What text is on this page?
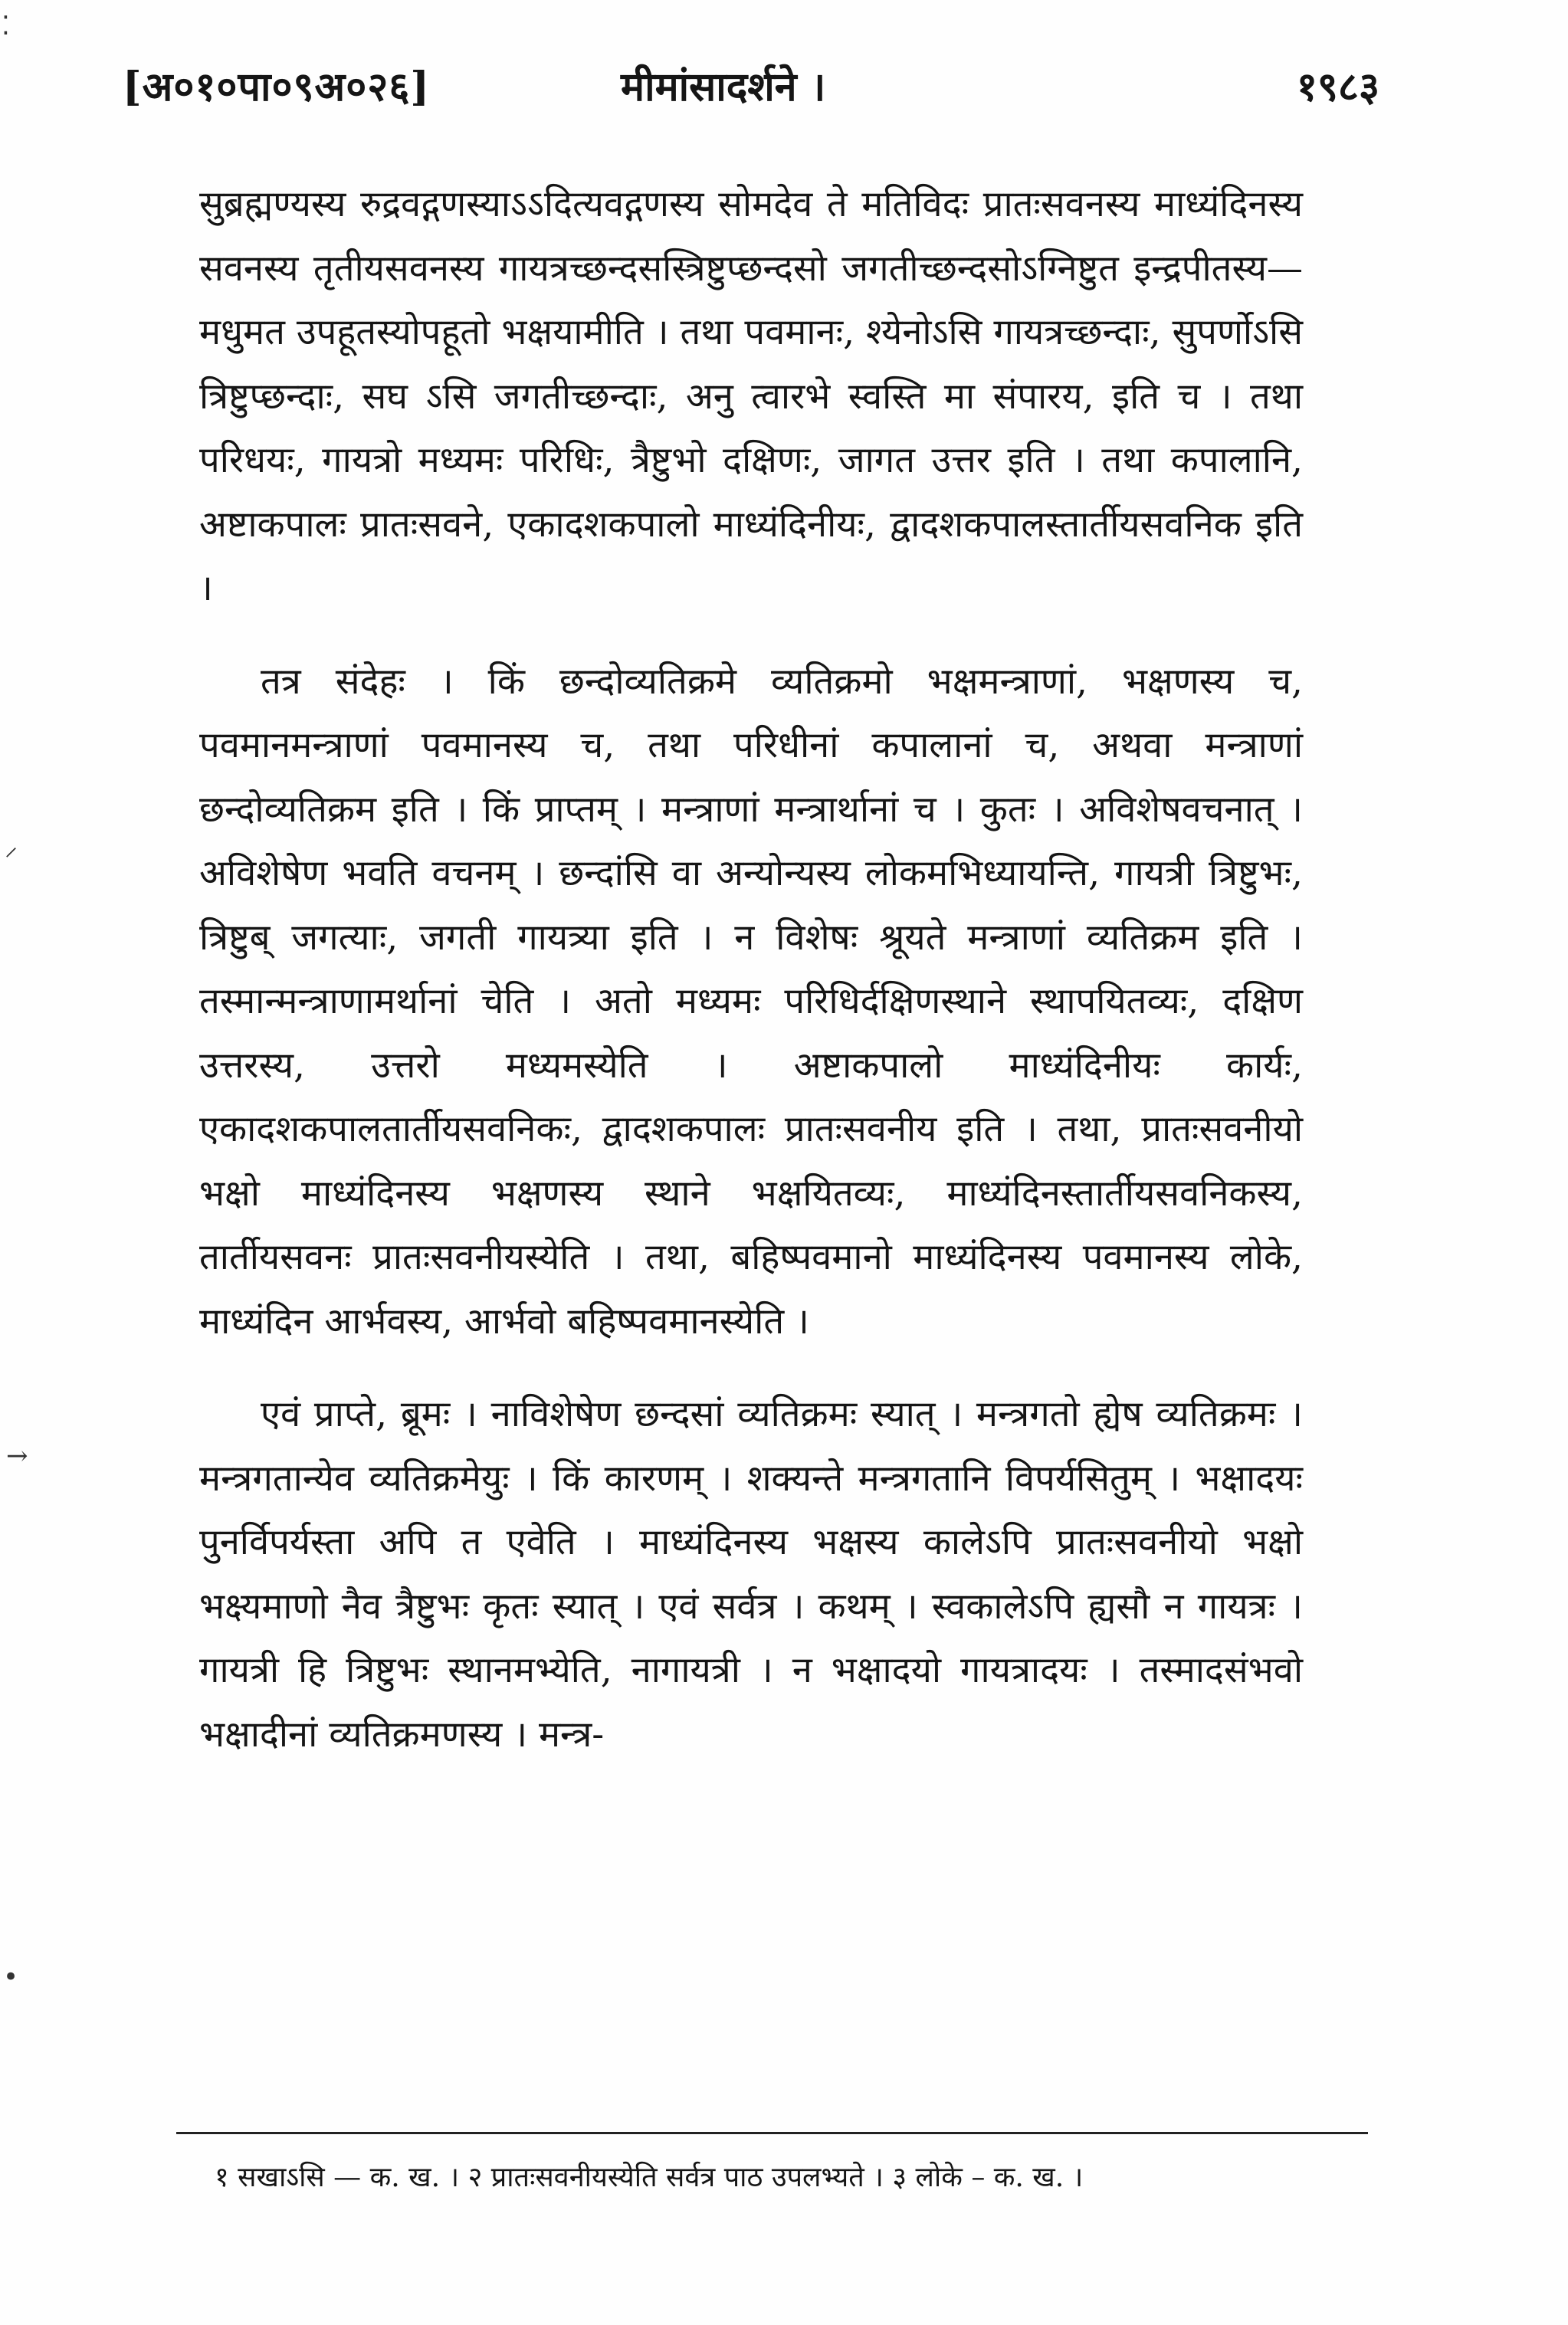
⁚
⸝
→
•
[अ०१०पा०९अ०२६]	मीमांसादर्शने ।	१९८३

सुब्रह्मण्यस्य रुद्रवद्गणस्याऽऽदित्यवद्गणस्य सोमदेव ते मतिविदः प्रातःसवनस्य माध्यंदिनस्य सवनस्य तृतीयसवनस्य गायत्रच्छन्दसस्त्रिष्टुप्छन्दसो जगतीच्छन्दसोऽग्निष्टुत इन्द्रपीतस्य—मधुमत उपहूतस्योपहूतो भक्षयामीति । तथा पवमानः, श्येनोऽसि गायत्रच्छन्दाः, सुपर्णोऽसि त्रिष्टुप्छन्दाः, सघ ऽसि जगतीच्छन्दाः, अनु त्वारभे स्वस्ति मा संपारय, इति च । तथा परिधयः, गायत्रो मध्यमः परिधिः, त्रैष्टुभो दक्षिणः, जागत उत्तर इति । तथा कपालानि, अष्टाकपालः प्रातःसवने, एकादशकपालो माध्यंदिनीयः, द्वादशकपालस्तार्तीयसवनिक इति ।

तत्र संदेहः । किं छन्दोव्यतिक्रमे व्यतिक्रमो भक्षमन्त्राणां, भक्षणस्य च, पवमानमन्त्राणां पवमानस्य च, तथा परिधीनां कपालानां च, अथवा मन्त्राणां छन्दोव्यतिक्रम इति । किं प्राप्तम् । मन्त्राणां मन्त्रार्थानां च । कुतः । अविशेषवचनात् । अविशेषेण भवति वचनम् । छन्दांसि वा अन्योन्यस्य लोकमभिध्यायन्ति, गायत्री त्रिष्टुभः, त्रिष्टुब् जगत्याः, जगती गायत्र्या इति । न विशेषः श्रूयते मन्त्राणां व्यतिक्रम इति । तस्मान्मन्त्राणामर्थानां चेति । अतो मध्यमः परिधिर्दक्षिणस्थाने स्थापयितव्यः, दक्षिण उत्तरस्य, उत्तरो मध्यमस्येति । अष्टाकपालो माध्यंदिनीयः कार्यः, एकादशकपालतार्तीयसवनिकः, द्वादशकपालः प्रातःसवनीय इति । तथा, प्रातःसवनीयो भक्षो माध्यंदिनस्य भक्षणस्य स्थाने भक्षयितव्यः, माध्यंदिनस्तार्तीयसवनिकस्य, तार्तीयसवनः प्रातःसवनीयस्येति । तथा, बहिष्पवमानो माध्यंदिनस्य पवमानस्य लोके, माध्यंदिन आर्भवस्य, आर्भवो बहिष्पवमानस्येति ।

एवं प्राप्ते, ब्रूमः । नाविशेषेण छन्दसां व्यतिक्रमः स्यात् । मन्त्रगतो ह्येष व्यतिक्रमः । मन्त्रगतान्येव व्यतिक्रमेयुः । किं कारणम् । शक्यन्ते मन्त्रगतानि विपर्यसितुम् । भक्षादयः पुनर्विपर्यस्ता अपि त एवेति । माध्यंदिनस्य भक्षस्य कालेऽपि प्रातःसवनीयो भक्षो भक्ष्यमाणो नैव त्रैष्टुभः कृतः स्यात् । एवं सर्वत्र । कथम् । स्वकालेऽपि ह्यसौ न गायत्रः । गायत्री हि त्रिष्टुभः स्थानमभ्येति, नागायत्री । न भक्षादयो गायत्रादयः । तस्मादसंभवो भक्षादीनां व्यतिक्रमणस्य । मन्त्र-

१ सखाऽसि — क. ख. । २ प्रातःसवनीयस्येति सर्वत्र पाठ उपलभ्यते । ३ लोके – क. ख. ।
